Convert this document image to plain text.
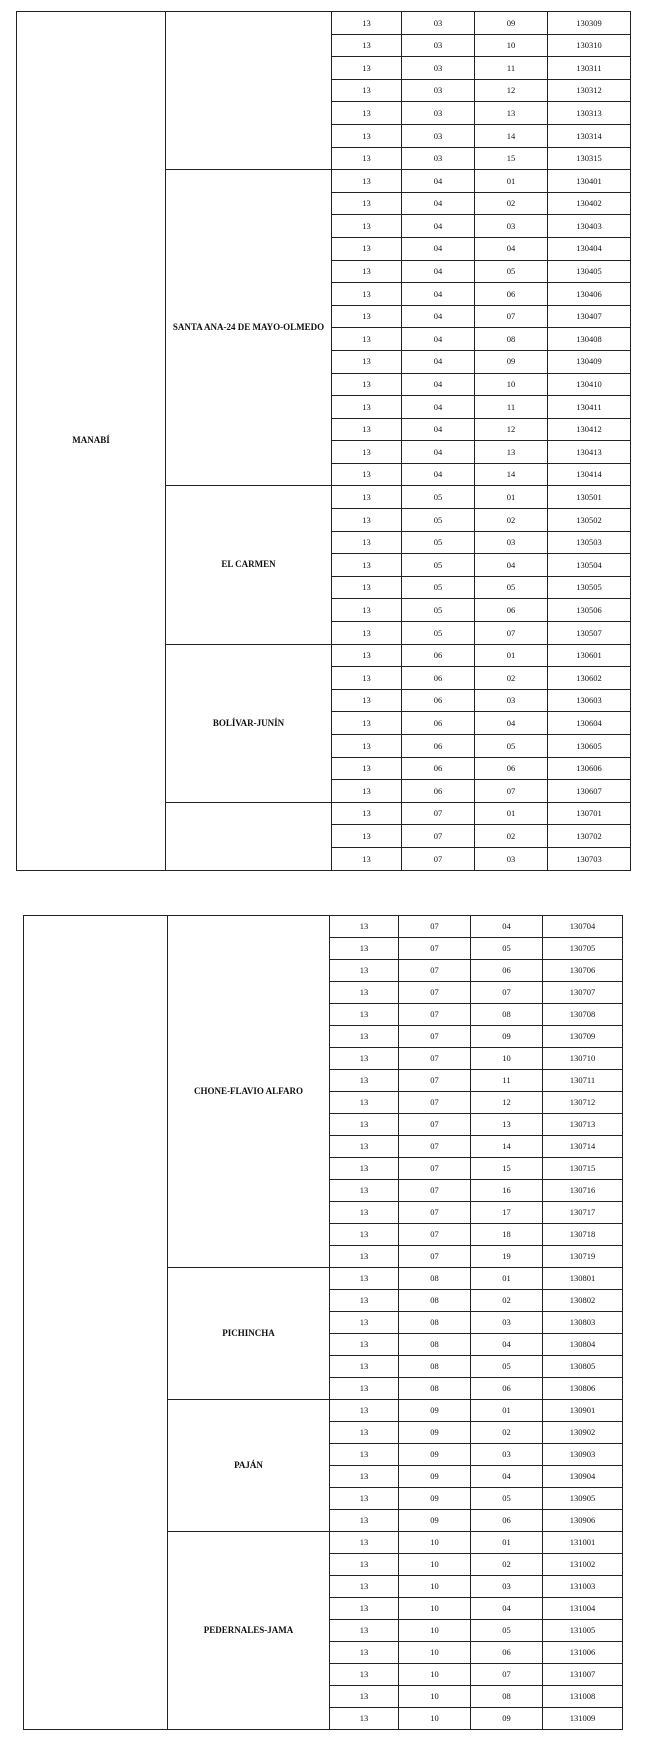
MANABÍ		13	03	09	130309
		13	03	10	130310
		13	03	11	130311
		13	03	12	130312
		13	03	13	130313
		13	03	14	130314
		13	03	15	130315
	SANTA ANA-24 DE MAYO-OLMEDO	13	04	01	130401
		13	04	02	130402
		13	04	03	130403
		13	04	04	130404
		13	04	05	130405
		13	04	06	130406
		13	04	07	130407
		13	04	08	130408
		13	04	09	130409
		13	04	10	130410
		13	04	11	130411
		13	04	12	130412
		13	04	13	130413
		13	04	14	130414
	EL CARMEN	13	05	01	130501
		13	05	02	130502
		13	05	03	130503
		13	05	04	130504
		13	05	05	130505
		13	05	06	130506
		13	05	07	130507
	BOLÍVAR-JUNÍN	13	06	01	130601
		13	06	02	130602
		13	06	03	130603
		13	06	04	130604
		13	06	05	130605
		13	06	06	130606
		13	06	07	130607
		13	07	01	130701
		13	07	02	130702
		13	07	03	130703
	CHONE-FLAVIO ALFARO	13	07	04	130704
		13	07	05	130705
		13	07	06	130706
		13	07	07	130707
		13	07	08	130708
		13	07	09	130709
		13	07	10	130710
		13	07	11	130711
		13	07	12	130712
		13	07	13	130713
		13	07	14	130714
		13	07	15	130715
		13	07	16	130716
		13	07	17	130717
		13	07	18	130718
		13	07	19	130719
	PICHINCHA	13	08	01	130801
		13	08	02	130802
		13	08	03	130803
		13	08	04	130804
		13	08	05	130805
		13	08	06	130806
	PAJÁN	13	09	01	130901
		13	09	02	130902
		13	09	03	130903
		13	09	04	130904
		13	09	05	130905
		13	09	06	130906
	PEDERNALES-JAMA	13	10	01	131001
		13	10	02	131002
		13	10	03	131003
		13	10	04	131004
		13	10	05	131005
		13	10	06	131006
		13	10	07	131007
		13	10	08	131008
		13	10	09	131009
